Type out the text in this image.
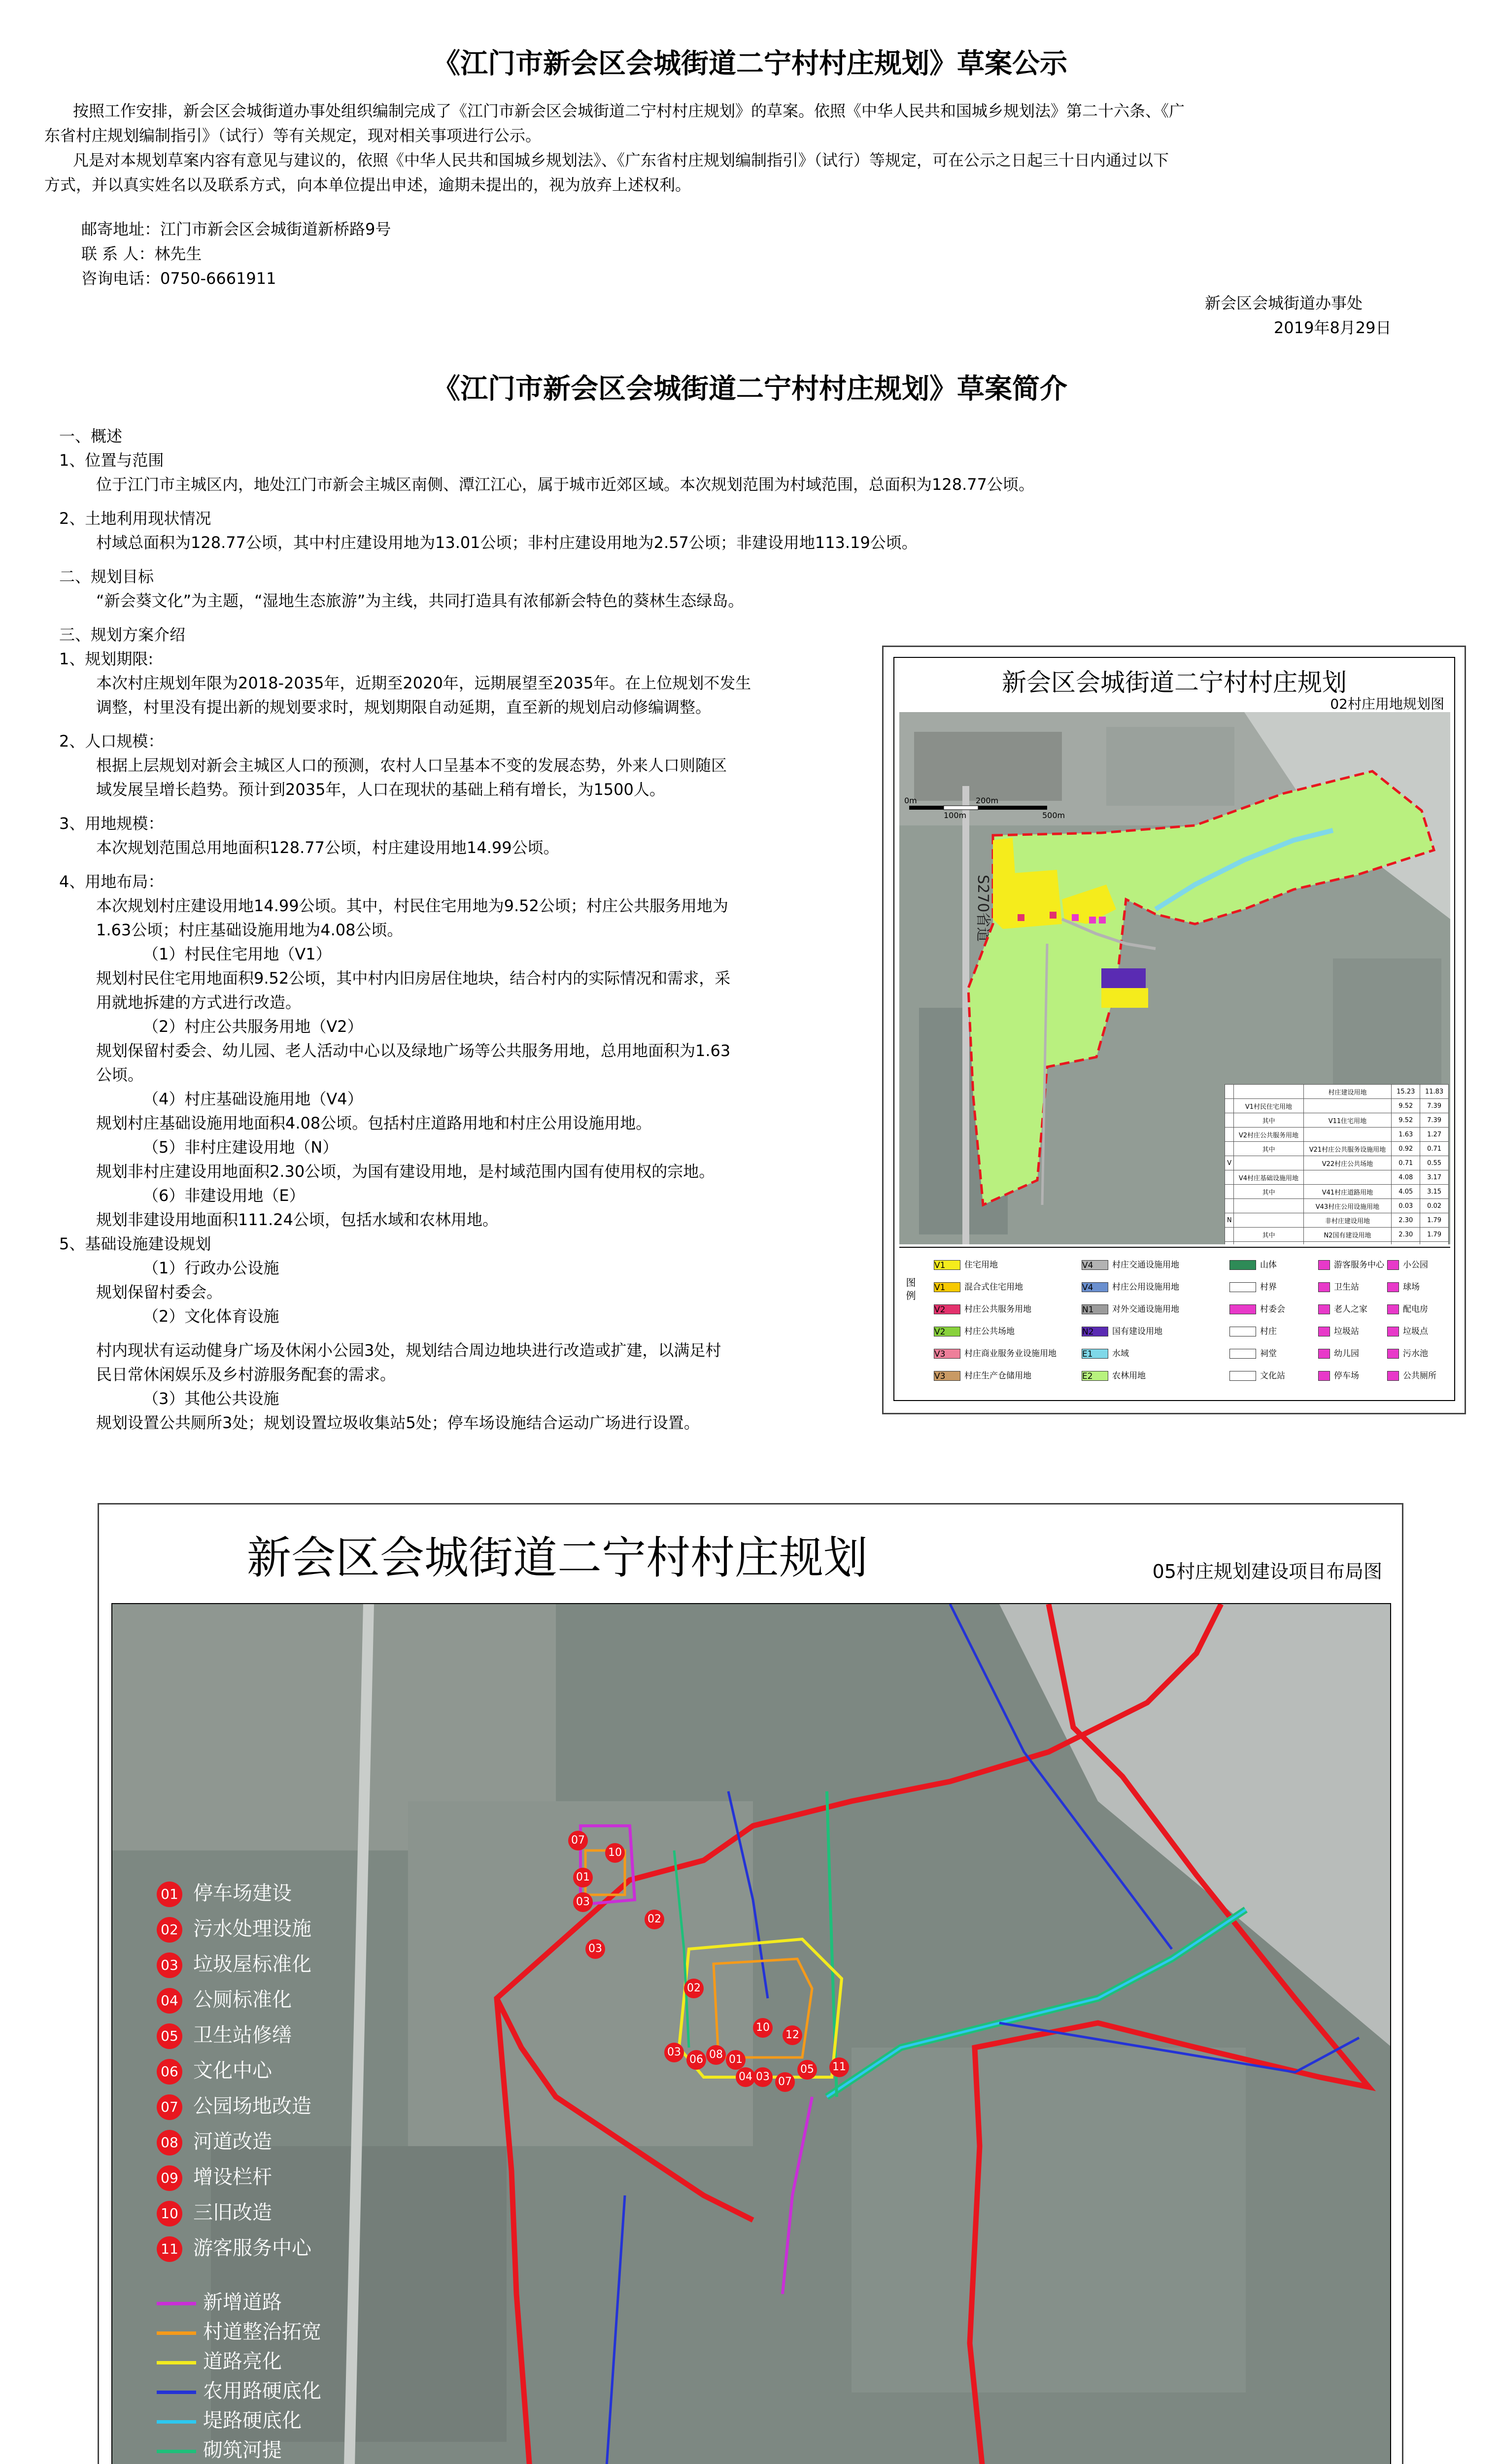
《江门市新会区会城街道二宁村村庄规划》草案公示
按照工作安排，新会区会城街道办事处组织编制完成了《江门市新会区会城街道二宁村村庄规划》的草案。依照《中华人民共和国城乡规划法》第二十六条、《广
东省村庄规划编制指引》（试行）等有关规定，现对相关事项进行公示。
凡是对本规划草案内容有意见与建议的，依照《中华人民共和国城乡规划法》、《广东省村庄规划编制指引》（试行）等规定，可在公示之日起三十日内通过以下
方式，并以真实姓名以及联系方式，向本单位提出申述，逾期未提出的，视为放弃上述权利。
邮寄地址：江门市新会区会城街道新桥路9号
联 系 人：林先生
咨询电话：0750-6661911
新会区会城街道办事处
2019年8月29日
《江门市新会区会城街道二宁村村庄规划》草案简介
一、概述
1、位置与范围
位于江门市主城区内，地处江门市新会主城区南侧、潭江江心，属于城市近郊区域。本次规划范围为村域范围，总面积为128.77公顷。
2、土地利用现状情况
村域总面积为128.77公顷，其中村庄建设用地为13.01公顷；非村庄建设用地为2.57公顷；非建设用地113.19公顷。
二、规划目标
“新会葵文化”为主题，“湿地生态旅游”为主线，共同打造具有浓郁新会特色的葵林生态绿岛。
三、规划方案介绍
1、规划期限:
本次村庄规划年限为2018-2035年，近期至2020年，远期展望至2035年。在上位规划不发生
调整，村里没有提出新的规划要求时，规划期限自动延期，直至新的规划启动修编调整。
2、人口规模：
根据上层规划对新会主城区人口的预测，农村人口呈基本不变的发展态势，外来人口则随区
域发展呈增长趋势。预计到2035年，人口在现状的基础上稍有增长，为1500人。
3、用地规模：
本次规划范围总用地面积128.77公顷，村庄建设用地14.99公顷。
4、用地布局：
本次规划村庄建设用地14.99公顷。其中，村民住宅用地为9.52公顷；村庄公共服务用地为
1.63公顷；村庄基础设施用地为4.08公顷。
（1）村民住宅用地（V1）
规划村民住宅用地面积9.52公顷，其中村内旧房居住地块，结合村内的实际情况和需求，采
用就地拆建的方式进行改造。
（2）村庄公共服务用地（V2）
规划保留村委会、幼儿园、老人活动中心以及绿地广场等公共服务用地，总用地面积为1.63
公顷。
（4）村庄基础设施用地（V4）
规划村庄基础设施用地面积4.08公顷。包括村庄道路用地和村庄公用设施用地。
（5）非村庄建设用地（N）
规划非村庄建设用地面积2.30公顷，为国有建设用地，是村域范围内国有使用权的宗地。
（6）非建设用地（E）
规划非建设用地面积111.24公顷，包括水域和农林用地。
5、基础设施建设规划
（1）行政办公设施
规划保留村委会。
（2）文化体育设施
村内现状有运动健身广场及休闲小公园3处，规划结合周边地块进行改造或扩建，以满足村
民日常休闲娱乐及乡村游服务配套的需求。
（3）其他公共设施
规划设置公共厕所3处；规划设置垃圾收集站5处；停车场设施结合运动广场进行设置。
新会区会城街道二宁村村庄规划
02村庄用地规划图
S270省道
0m
100m
200m
500m
		村庄建设用地	15.23	11.83
	V1村民住宅用地		9.52	7.39
	其中	V11住宅用地	9.52	7.39
	V2村庄公共服务用地		1.63	1.27
	其中	V21村庄公共服务设施用地	0.92	0.71
V		V22村庄公共场地	0.71	0.55
	V4村庄基础设施用地		4.08	3.17
	其中	V41村庄道路用地	4.05	3.15
		V43村庄公用设施用地	0.03	0.02
N		非村庄建设用地	2.30	1.79
	其中	N2国有建设用地	2.30	1.79

图 例
V1 住宅用地
V1 混合式住宅用地
V2 村庄公共服务用地
V2 村庄公共场地
V3 村庄商业服务业设施用地
V3 村庄生产仓储用地
V4 村庄交通设施用地
V4 村庄公用设施用地
N1 对外交通设施用地
N2 国有建设用地
E1 水域
E2 农林用地
山体
村界
村委会
村庄
祠堂
文化站
游客服务中心
卫生站
老人之家
垃圾站
幼儿园
停车场
小公园
球场
配电房
垃圾点
污水池
公共厕所
新会区会城街道二宁村村庄规划	05村庄规划建设项目布局图
07
10
01
03
02
03
02
10
12
03
06 08 01
04 03 07
05 11
01 停车场建设
02 污水处理设施
03 垃圾屋标准化
04 公厕标准化
05 卫生站修缮
06 文化中心
07 公园场地改造
08 河道改造
09 增设栏杆
10 三旧改造
11 游客服务中心
新增道路
村道整治拓宽
道路亮化
农用路硬底化
堤路硬底化
砌筑河提
